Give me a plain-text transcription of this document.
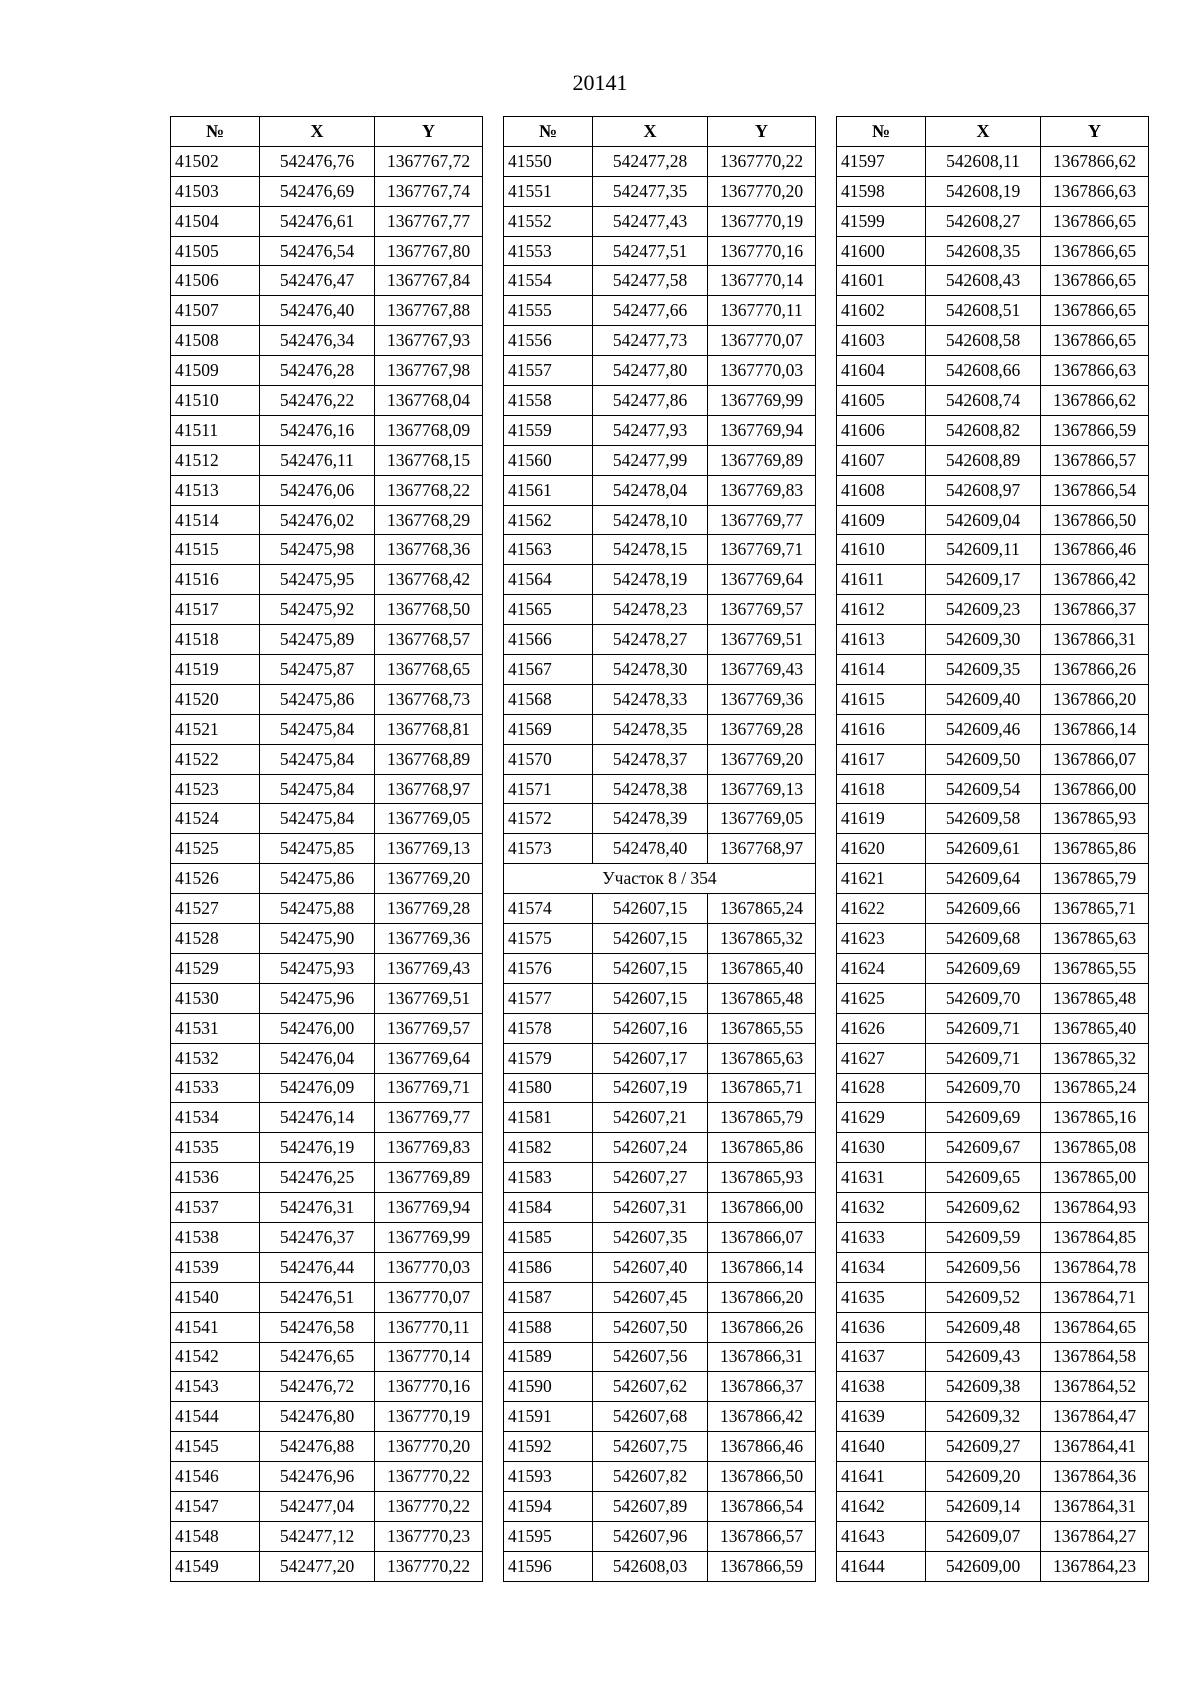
20141
№	X	Y
41502	542476,76	1367767,72
41503	542476,69	1367767,74
41504	542476,61	1367767,77
41505	542476,54	1367767,80
41506	542476,47	1367767,84
41507	542476,40	1367767,88
41508	542476,34	1367767,93
41509	542476,28	1367767,98
41510	542476,22	1367768,04
41511	542476,16	1367768,09
41512	542476,11	1367768,15
41513	542476,06	1367768,22
41514	542476,02	1367768,29
41515	542475,98	1367768,36
41516	542475,95	1367768,42
41517	542475,92	1367768,50
41518	542475,89	1367768,57
41519	542475,87	1367768,65
41520	542475,86	1367768,73
41521	542475,84	1367768,81
41522	542475,84	1367768,89
41523	542475,84	1367768,97
41524	542475,84	1367769,05
41525	542475,85	1367769,13
41526	542475,86	1367769,20
41527	542475,88	1367769,28
41528	542475,90	1367769,36
41529	542475,93	1367769,43
41530	542475,96	1367769,51
41531	542476,00	1367769,57
41532	542476,04	1367769,64
41533	542476,09	1367769,71
41534	542476,14	1367769,77
41535	542476,19	1367769,83
41536	542476,25	1367769,89
41537	542476,31	1367769,94
41538	542476,37	1367769,99
41539	542476,44	1367770,03
41540	542476,51	1367770,07
41541	542476,58	1367770,11
41542	542476,65	1367770,14
41543	542476,72	1367770,16
41544	542476,80	1367770,19
41545	542476,88	1367770,20
41546	542476,96	1367770,22
41547	542477,04	1367770,22
41548	542477,12	1367770,23
41549	542477,20	1367770,22
№	X	Y
41550	542477,28	1367770,22
41551	542477,35	1367770,20
41552	542477,43	1367770,19
41553	542477,51	1367770,16
41554	542477,58	1367770,14
41555	542477,66	1367770,11
41556	542477,73	1367770,07
41557	542477,80	1367770,03
41558	542477,86	1367769,99
41559	542477,93	1367769,94
41560	542477,99	1367769,89
41561	542478,04	1367769,83
41562	542478,10	1367769,77
41563	542478,15	1367769,71
41564	542478,19	1367769,64
41565	542478,23	1367769,57
41566	542478,27	1367769,51
41567	542478,30	1367769,43
41568	542478,33	1367769,36
41569	542478,35	1367769,28
41570	542478,37	1367769,20
41571	542478,38	1367769,13
41572	542478,39	1367769,05
41573	542478,40	1367768,97
Участок 8 / 354		
41574	542607,15	1367865,24
41575	542607,15	1367865,32
41576	542607,15	1367865,40
41577	542607,15	1367865,48
41578	542607,16	1367865,55
41579	542607,17	1367865,63
41580	542607,19	1367865,71
41581	542607,21	1367865,79
41582	542607,24	1367865,86
41583	542607,27	1367865,93
41584	542607,31	1367866,00
41585	542607,35	1367866,07
41586	542607,40	1367866,14
41587	542607,45	1367866,20
41588	542607,50	1367866,26
41589	542607,56	1367866,31
41590	542607,62	1367866,37
41591	542607,68	1367866,42
41592	542607,75	1367866,46
41593	542607,82	1367866,50
41594	542607,89	1367866,54
41595	542607,96	1367866,57
41596	542608,03	1367866,59
№	X	Y
41597	542608,11	1367866,62
41598	542608,19	1367866,63
41599	542608,27	1367866,65
41600	542608,35	1367866,65
41601	542608,43	1367866,65
41602	542608,51	1367866,65
41603	542608,58	1367866,65
41604	542608,66	1367866,63
41605	542608,74	1367866,62
41606	542608,82	1367866,59
41607	542608,89	1367866,57
41608	542608,97	1367866,54
41609	542609,04	1367866,50
41610	542609,11	1367866,46
41611	542609,17	1367866,42
41612	542609,23	1367866,37
41613	542609,30	1367866,31
41614	542609,35	1367866,26
41615	542609,40	1367866,20
41616	542609,46	1367866,14
41617	542609,50	1367866,07
41618	542609,54	1367866,00
41619	542609,58	1367865,93
41620	542609,61	1367865,86
41621	542609,64	1367865,79
41622	542609,66	1367865,71
41623	542609,68	1367865,63
41624	542609,69	1367865,55
41625	542609,70	1367865,48
41626	542609,71	1367865,40
41627	542609,71	1367865,32
41628	542609,70	1367865,24
41629	542609,69	1367865,16
41630	542609,67	1367865,08
41631	542609,65	1367865,00
41632	542609,62	1367864,93
41633	542609,59	1367864,85
41634	542609,56	1367864,78
41635	542609,52	1367864,71
41636	542609,48	1367864,65
41637	542609,43	1367864,58
41638	542609,38	1367864,52
41639	542609,32	1367864,47
41640	542609,27	1367864,41
41641	542609,20	1367864,36
41642	542609,14	1367864,31
41643	542609,07	1367864,27
41644	542609,00	1367864,23
